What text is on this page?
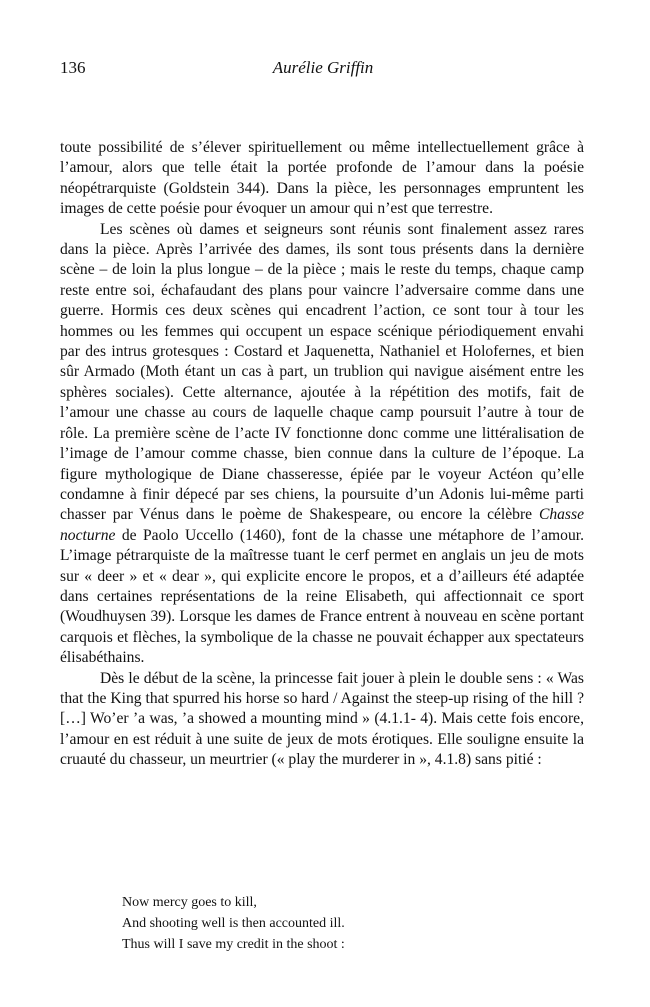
136	Aurélie Griffin

toute possibilité de s’élever spirituellement ou même intellectuellement grâce à l’amour, alors que telle était la portée profonde de l’amour dans la poésie néopétrarquiste (Goldstein 344). Dans la pièce, les personnages empruntent les images de cette poésie pour évoquer un amour qui n’est que terrestre.

Les scènes où dames et seigneurs sont réunis sont finalement assez rares dans la pièce. Après l’arrivée des dames, ils sont tous présents dans la dernière scène – de loin la plus longue – de la pièce ; mais le reste du temps, chaque camp reste entre soi, échafaudant des plans pour vaincre l’adversaire comme dans une guerre. Hormis ces deux scènes qui encadrent l’action, ce sont tour à tour les hommes ou les femmes qui occupent un espace scénique périodiquement envahi par des intrus grotesques : Costard et Jaquenetta, Nathaniel et Holofernes, et bien sûr Armado (Moth étant un cas à part, un trublion qui navigue aisément entre les sphères sociales). Cette alternance, ajoutée à la répétition des motifs, fait de l’amour une chasse au cours de laquelle chaque camp poursuit l’autre à tour de rôle. La première scène de l’acte IV fonctionne donc comme une littéralisation de l’image de l’amour comme chasse, bien connue dans la culture de l’époque. La figure mythologique de Diane chasseresse, épiée par le voyeur Actéon qu’elle condamne à finir dépecé par ses chiens, la poursuite d’un Adonis lui-même parti chasser par Vénus dans le poème de Shakespeare, ou encore la célèbre Chasse nocturne de Paolo Uccello (1460), font de la chasse une métaphore de l’amour. L’image pétrarquiste de la maîtresse tuant le cerf permet en anglais un jeu de mots sur « deer » et « dear », qui explicite encore le propos, et a d’ailleurs été adaptée dans certaines représentations de la reine Elisabeth, qui affectionnait ce sport (Woudhuysen 39). Lorsque les dames de France entrent à nouveau en scène portant carquois et flèches, la symbolique de la chasse ne pouvait échapper aux spectateurs élisabéthains.

Dès le début de la scène, la princesse fait jouer à plein le double sens : « Was that the King that spurred his horse so hard / Against the steep-up rising of the hill ? […] Wo’er ’a was, ’a showed a mounting mind » (4.1.1- 4). Mais cette fois encore, l’amour en est réduit à une suite de jeux de mots érotiques. Elle souligne ensuite la cruauté du chasseur, un meurtrier (« play the murderer in », 4.1.8) sans pitié :

Now mercy goes to kill,
And shooting well is then accounted ill.
Thus will I save my credit in the shoot :
